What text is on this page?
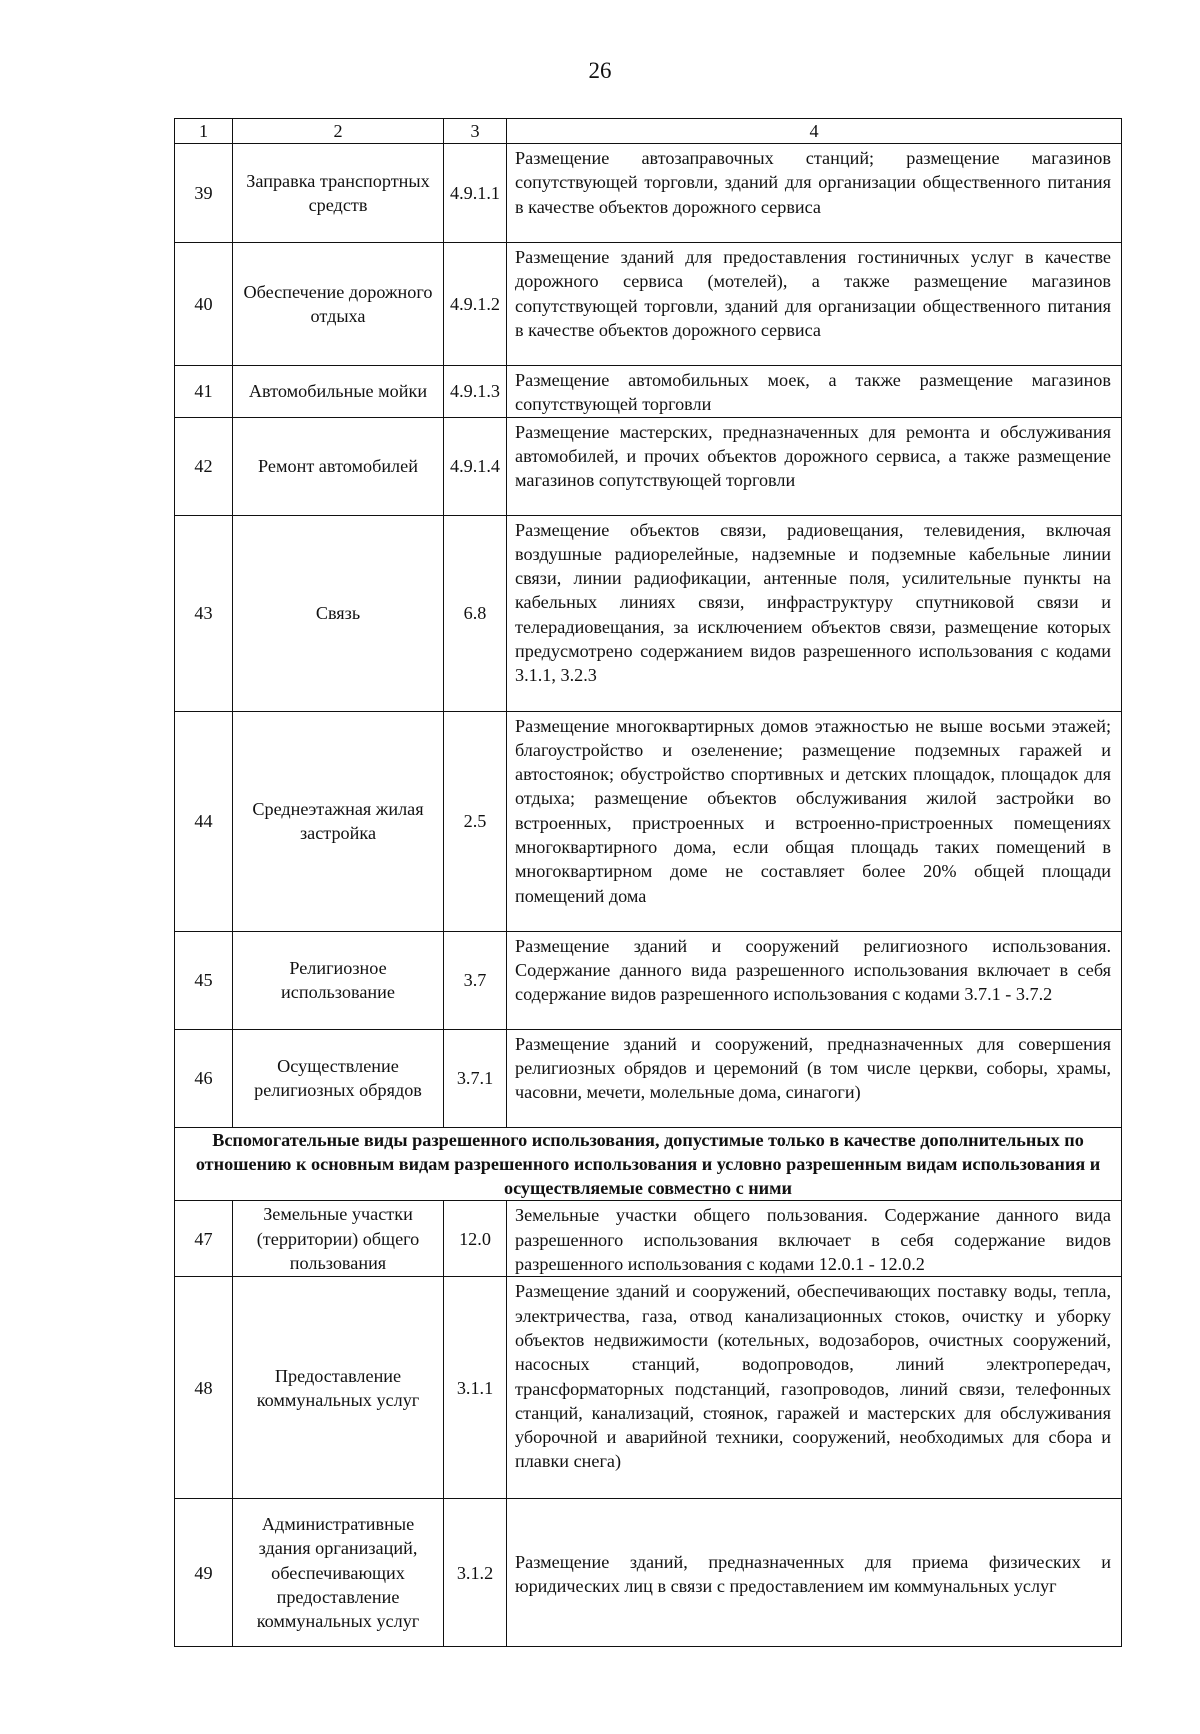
26
1	2	3	4
39	Заправка транспортных средств	4.9.1.1	Размещение автозаправочных станций; размещение магазинов сопутствующей торговли, зданий для организации общественного питания в качестве объектов дорожного сервиса
40	Обеспечение дорожного отдыха	4.9.1.2	Размещение зданий для предоставления гостиничных услуг в качестве дорожного сервиса (мотелей), а также размещение магазинов сопутствующей торговли, зданий для организации общественного питания в качестве объектов дорожного сервиса
41	Автомобильные мойки	4.9.1.3	Размещение автомобильных моек, а также размещение магазинов сопутствующей торговли
42	Ремонт автомобилей	4.9.1.4	Размещение мастерских, предназначенных для ремонта и обслуживания автомобилей, и прочих объектов дорожного сервиса, а также размещение магазинов сопутствующей торговли
43	Связь	6.8	Размещение объектов связи, радиовещания, телевидения, включая воздушные радиорелейные, надземные и подземные кабельные линии связи, линии радиофикации, антенные поля, усилительные пункты на кабельных линиях связи, инфраструктуру спутниковой связи и телерадиовещания, за исключением объектов связи, размещение которых предусмотрено содержанием видов разрешенного использования с кодами 3.1.1, 3.2.3
44	Среднеэтажная жилая застройка	2.5	Размещение многоквартирных домов этажностью не выше восьми этажей; благоустройство и озеленение; размещение подземных гаражей и автостоянок; обустройство спортивных и детских площадок, площадок для отдыха; размещение объектов обслуживания жилой застройки во встроенных, пристроенных и встроенно-пристроенных помещениях многоквартирного дома, если общая площадь таких помещений в многоквартирном доме не составляет более 20% общей площади помещений дома
45	Религиозное использование	3.7	Размещение зданий и сооружений религиозного использования. Содержание данного вида разрешенного использования включает в себя содержание видов разрешенного использования с кодами 3.7.1 - 3.7.2
46	Осуществление религиозных обрядов	3.7.1	Размещение зданий и сооружений, предназначенных для совершения религиозных обрядов и церемоний (в том числе церкви, соборы, храмы, часовни, мечети, молельные дома, синагоги)
Вспомогательные виды разрешенного использования, допустимые только в качестве дополнительных по отношению к основным видам разрешенного использования и условно разрешенным видам использования и осуществляемые совместно с ними			
47	Земельные участки (территории) общего пользования	12.0	Земельные участки общего пользования. Содержание данного вида разрешенного использования включает в себя содержание видов разрешенного использования с кодами 12.0.1 - 12.0.2
48	Предоставление коммунальных услуг	3.1.1	Размещение зданий и сооружений, обеспечивающих поставку воды, тепла, электричества, газа, отвод канализационных стоков, очистку и уборку объектов недвижимости (котельных, водозаборов, очистных сооружений, насосных станций, водопроводов, линий электропередач, трансформаторных подстанций, газопроводов, линий связи, телефонных станций, канализаций, стоянок, гаражей и мастерских для обслуживания уборочной и аварийной техники, сооружений, необходимых для сбора и плавки снега)
49	Административные здания организаций, обеспечивающих предоставление коммунальных услуг	3.1.2	Размещение зданий, предназначенных для приема физических и юридических лиц в связи с предоставлением им коммунальных услуг
